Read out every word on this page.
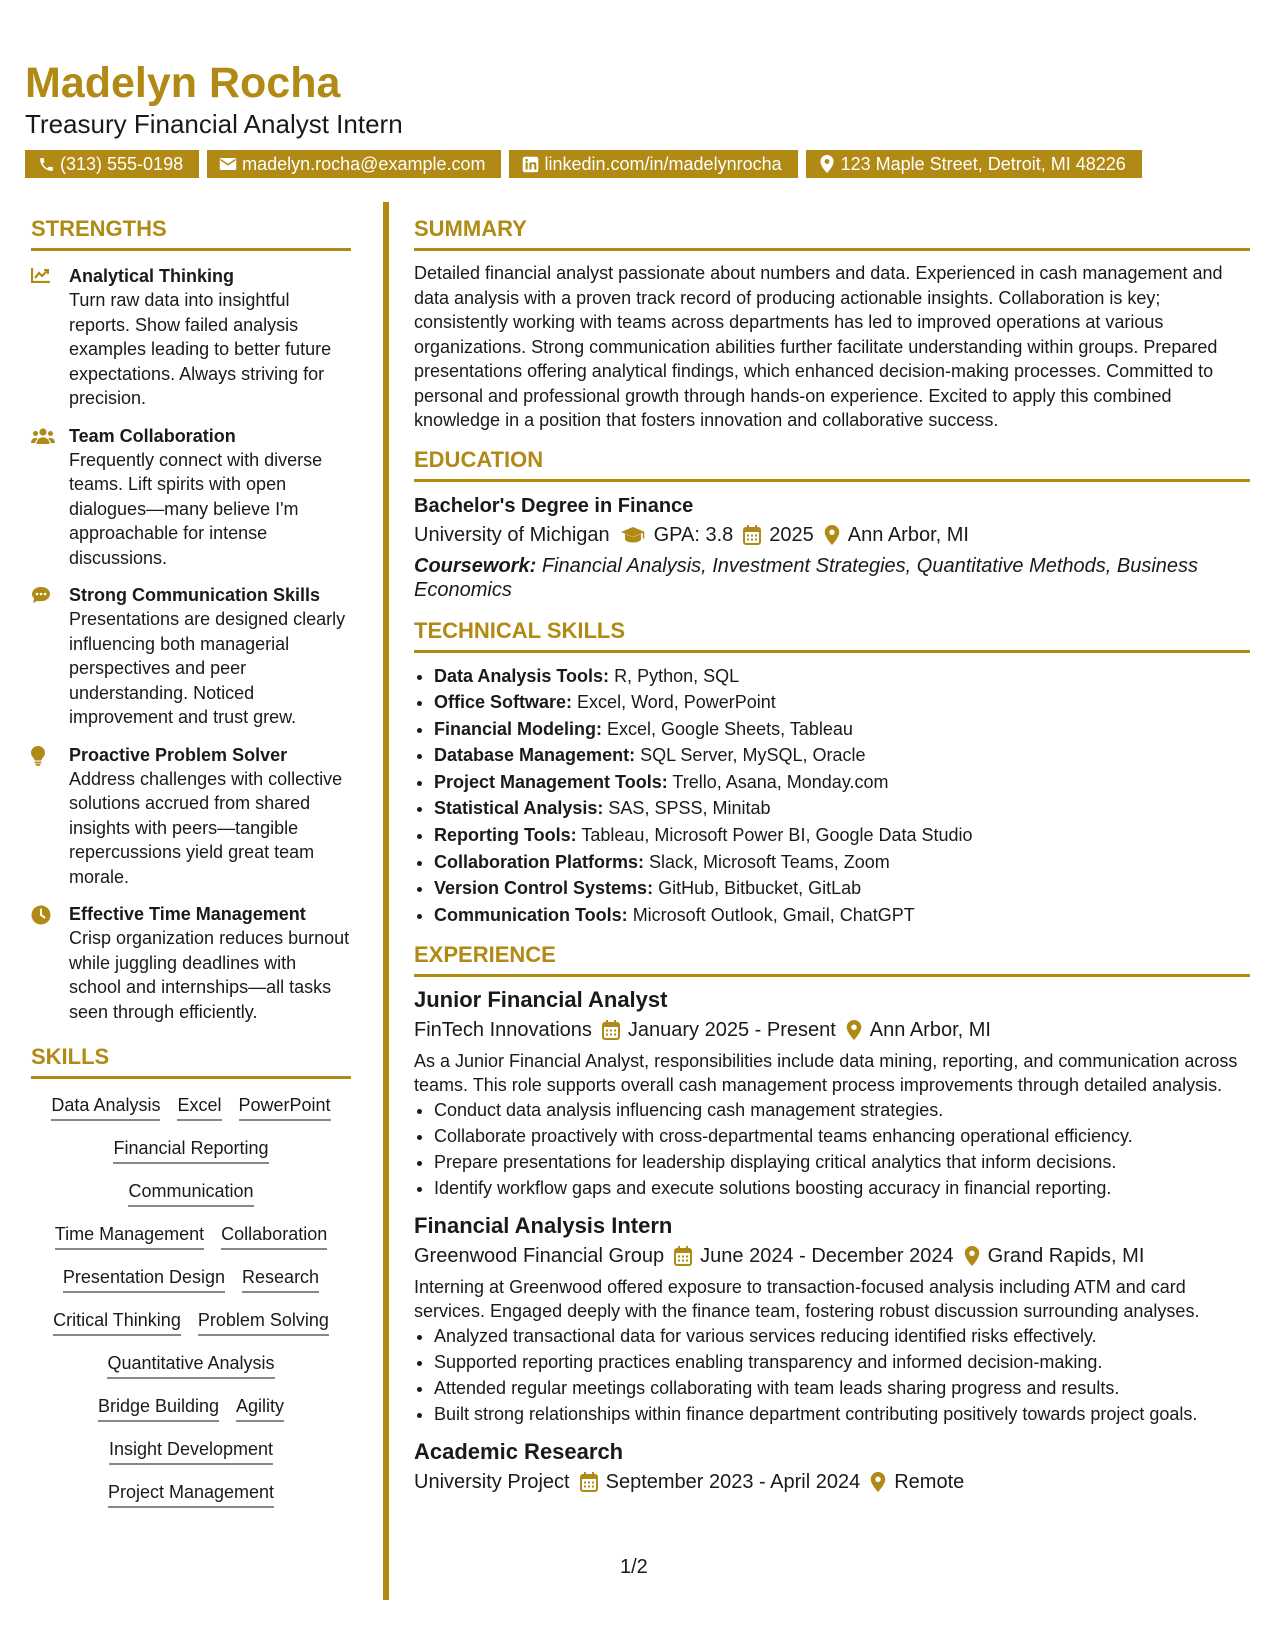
Madelyn Rocha
Treasury Financial Analyst Intern
(313) 555-0198	madelyn.rocha@example.com	linkedin.com/in/madelynrocha	123 Maple Street, Detroit, MI 48226
STRENGTHS
Analytical Thinking
Turn raw data into insightful reports. Show failed analysis examples leading to better future expectations. Always striving for precision.
Team Collaboration
Frequently connect with diverse teams. Lift spirits with open dialogues—many believe I'm approachable for intense discussions.
Strong Communication Skills
Presentations are designed clearly influencing both managerial perspectives and peer understanding. Noticed improvement and trust grew.
Proactive Problem Solver
Address challenges with collective solutions accrued from shared insights with peers—tangible repercussions yield great team morale.
Effective Time Management
Crisp organization reduces burnout while juggling deadlines with school and internships—all tasks seen through efficiently.
SKILLS
Data Analysis Excel PowerPoint
Financial Reporting
Communication
Time Management Collaboration
Presentation Design Research
Critical Thinking Problem Solving
Quantitative Analysis
Bridge Building Agility
Insight Development
Project Management
SUMMARY
Detailed financial analyst passionate about numbers and data. Experienced in cash management and data analysis with a proven track record of producing actionable insights. Collaboration is key; consistently working with teams across departments has led to improved operations at various organizations. Strong communication abilities further facilitate understanding within groups. Prepared presentations offering analytical findings, which enhanced decision-making processes. Committed to personal and professional growth through hands-on experience. Excited to apply this combined knowledge in a position that fosters innovation and collaborative success.
EDUCATION
Bachelor's Degree in Finance
University of Michigan GPA: 3.8 2025 Ann Arbor, MI
Coursework: Financial Analysis, Investment Strategies, Quantitative Methods, Business Economics
TECHNICAL SKILLS
• Data Analysis Tools: R, Python, SQL
• Office Software: Excel, Word, PowerPoint
• Financial Modeling: Excel, Google Sheets, Tableau
• Database Management: SQL Server, MySQL, Oracle
• Project Management Tools: Trello, Asana, Monday.com
• Statistical Analysis: SAS, SPSS, Minitab
• Reporting Tools: Tableau, Microsoft Power BI, Google Data Studio
• Collaboration Platforms: Slack, Microsoft Teams, Zoom
• Version Control Systems: GitHub, Bitbucket, GitLab
• Communication Tools: Microsoft Outlook, Gmail, ChatGPT
EXPERIENCE
Junior Financial Analyst
FinTech Innovations January 2025 - Present Ann Arbor, MI
As a Junior Financial Analyst, responsibilities include data mining, reporting, and communication across teams. This role supports overall cash management process improvements through detailed analysis.
• Conduct data analysis influencing cash management strategies.
• Collaborate proactively with cross-departmental teams enhancing operational efficiency.
• Prepare presentations for leadership displaying critical analytics that inform decisions.
• Identify workflow gaps and execute solutions boosting accuracy in financial reporting.
Financial Analysis Intern
Greenwood Financial Group June 2024 - December 2024 Grand Rapids, MI
Interning at Greenwood offered exposure to transaction-focused analysis including ATM and card services. Engaged deeply with the finance team, fostering robust discussion surrounding analyses.
• Analyzed transactional data for various services reducing identified risks effectively.
• Supported reporting practices enabling transparency and informed decision-making.
• Attended regular meetings collaborating with team leads sharing progress and results.
• Built strong relationships within finance department contributing positively towards project goals.
Academic Research
University Project September 2023 - April 2024 Remote
1/2
